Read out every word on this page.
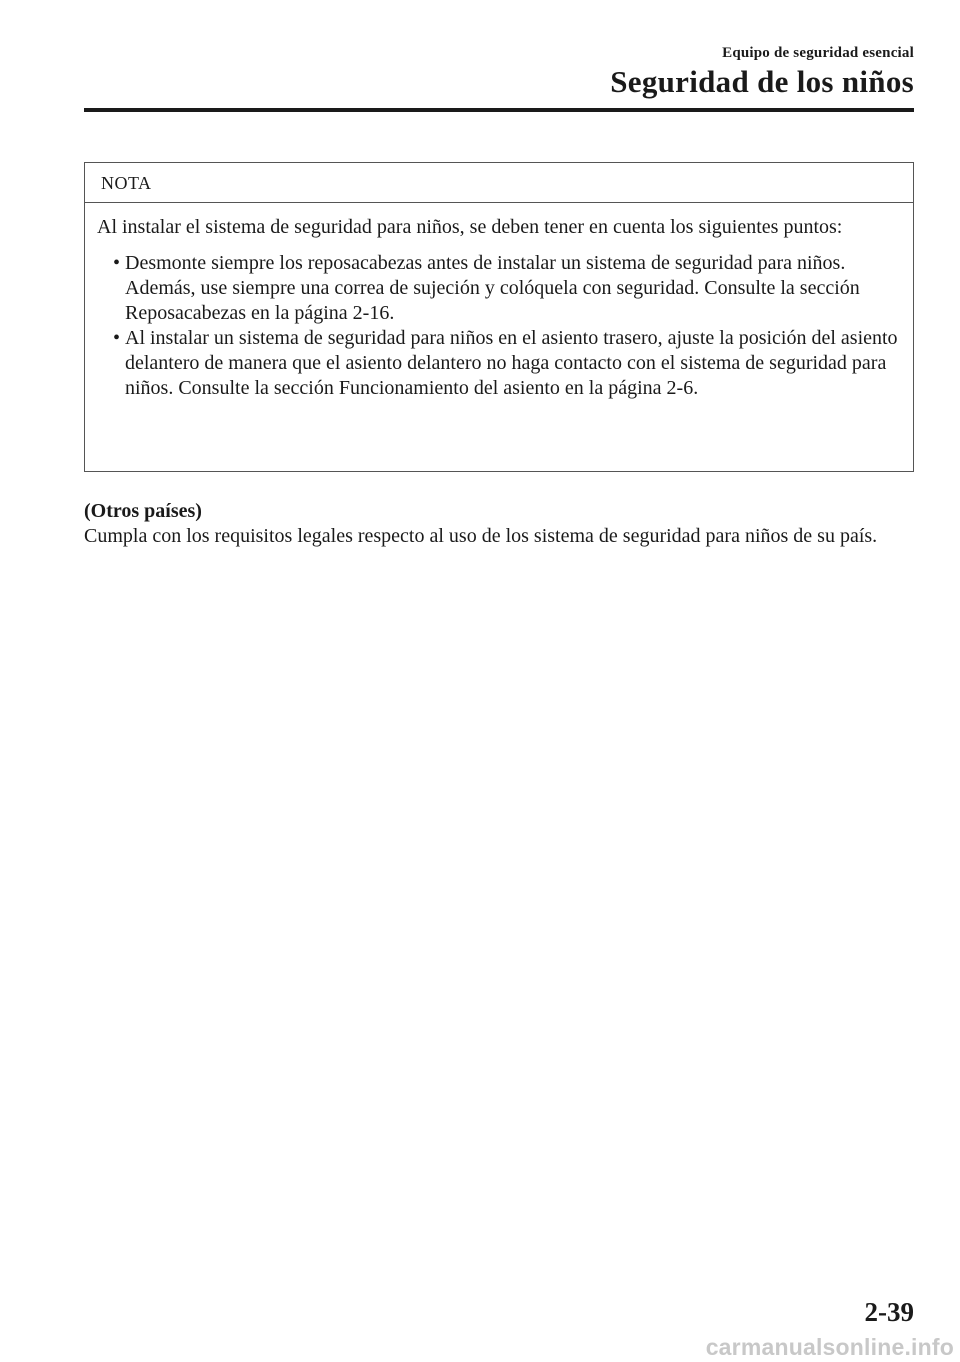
Equipo de seguridad esencial
Seguridad de los niños
NOTA

Al instalar el sistema de seguridad para niños, se deben tener en cuenta los siguientes puntos:

• Desmonte siempre los reposacabezas antes de instalar un sistema de seguridad para niños. Además, use siempre una correa de sujeción y colóquela con seguridad. Consulte la sección Reposacabezas en la página 2-16.
• Al instalar un sistema de seguridad para niños en el asiento trasero, ajuste la posición del asiento delantero de manera que el asiento delantero no haga contacto con el sistema de seguridad para niños. Consulte la sección Funcionamiento del asiento en la página 2-6.

(Otros países)

Cumpla con los requisitos legales respecto al uso de los sistema de seguridad para niños de su país.

2-39
carmanualsonline.info
